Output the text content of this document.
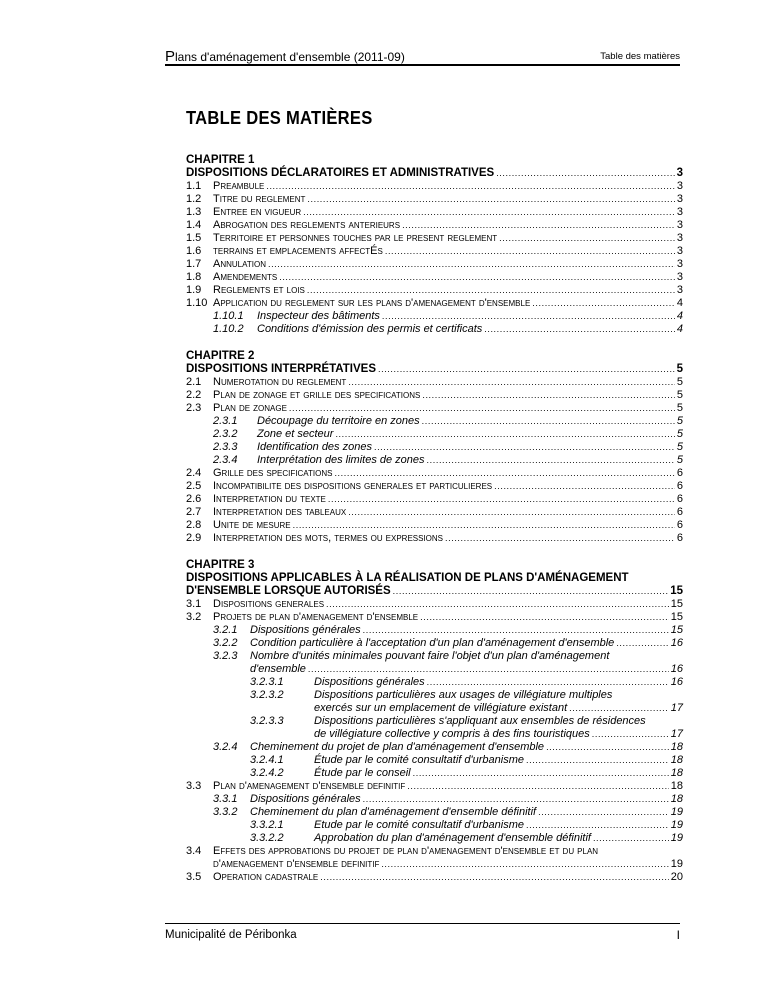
Plans d'aménagement d'ensemble (2011-09)	Table des matières
TABLE DES MATIÈRES
CHAPITRE 1
DISPOSITIONS DÉCLARATOIRES ET ADMINISTRATIVES .....	3
1.1	Preambule .....	3
1.2	Titre du reglement .....	3
1.3	Entree en vigueur .....	3
1.4	Abrogation des reglements anterieurs .....	3
1.5	Territoire et personnes touches par le present reglement .....	3
1.6	terrains et emplacements affectÉs .....	3
1.7	Annulation .....	3
1.8	Amendements .....	3
1.9	Reglements et lois .....	3
1.10 Application du reglement sur les plans d'amenagement d'ensemble .....	4
1.10.1 Inspecteur des bâtiments .....	4
1.10.2 Conditions d'émission des permis et certificats .....	4
CHAPITRE 2
DISPOSITIONS INTERPRÉTATIVES .....	5
2.1	Numerotation du reglement .....	5
2.2	Plan de zonage et grille des specifications .....	5
2.3	Plan de zonage .....	5
2.3.1 Découpage du territoire en zones .....	5
2.3.2 Zone et secteur .....	5
2.3.3 Identification des zones .....	5
2.3.4 Interprétation des limites de zones .....	5
2.4	Grille des specifications .....	6
2.5	Incompatibilite des dispositions generales et particulieres .....	6
2.6	Interpretation du texte .....	6
2.7	Interpretation des tableaux .....	6
2.8	Unite de mesure .....	6
2.9	Interpretation des mots, termes ou expressions .....	6
CHAPITRE 3
DISPOSITIONS APPLICABLES À LA RÉALISATION DE PLANS D'AMÉNAGEMENT
D'ENSEMBLE LORSQUE AUTORISÉS .....	15
3.1	Dispositions generales .....	15
3.2	Projets de plan d'amenagement d'ensemble .....	15
3.2.1 Dispositions générales .....	15
3.2.2 Condition particulière à l'acceptation d'un plan d'aménagement d'ensemble .....	16
3.2.3 Nombre d'unités minimales pouvant faire l'objet d'un plan d'aménagement
d'ensemble .....	16
3.2.3.1	Dispositions générales .....	16
3.2.3.2	Dispositions particulières aux usages de villégiature multiples
exercés sur un emplacement de villégiature existant .....	17
3.2.3.3	Dispositions particulières s'appliquant aux ensembles de résidences
de villégiature collective y compris à des fins touristiques .....	17
3.2.4 Cheminement du projet de plan d'aménagement d'ensemble .....	18
3.2.4.1	Étude par le comité consultatif d'urbanisme .....	18
3.2.4.2	Étude par le conseil .....	18
3.3	Plan d'amenagement d'ensemble definitif .....	18
3.3.1 Dispositions générales .....	18
3.3.2 Cheminement du plan d'aménagement d'ensemble définitif .....	19
3.3.2.1	Etude par le comité consultatif d'urbanisme .....	19
3.3.2.2	Approbation du plan d'aménagement d'ensemble définitif .....	19
3.4	Effets des approbations du projet de plan d'amenagement d'ensemble et du plan
d'amenagement d'ensemble definitif .....	19
3.5	Operation cadastrale .....	20
Municipalité de Péribonka	I
